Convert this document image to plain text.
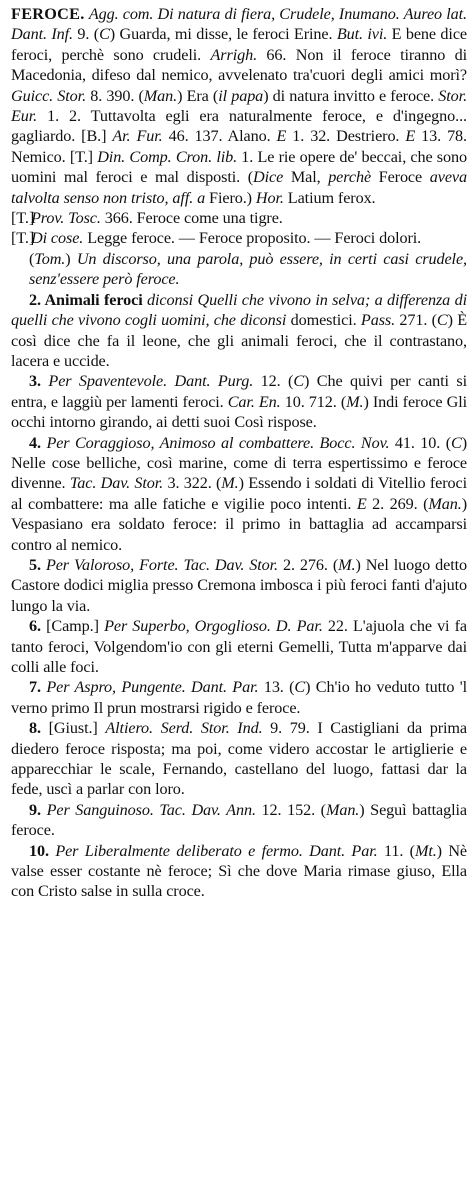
FEROCE. Agg. com. Di natura di fiera, Crudele, Inumano. Aureo lat. Dant. Inf. 9. (C) Guarda, mi disse, le feroci Erine. But. ivi. E bene dice feroci, perchè sono crudeli. Arrigh. 66. Non il feroce tiranno di Macedonia, difeso dal nemico, avvelenato tra'cuori degli amici morì? Guicc. Stor. 8. 390. (Man.) Era (il papa) di natura invitto e feroce. Stor. Eur. 1. 2. Tuttavolta egli era naturalmente feroce, e d'ingegno... gagliardo. [B.] Ar. Fur. 46. 137. Alano. E 1. 32. Destriero. E 13. 78. Nemico. [T.] Din. Comp. Cron. lib. 1. Le rie opere de' beccai, che sono uomini mal feroci e mal disposti. (Dice Mal, perchè Feroce aveva talvolta senso non tristo, aff. a Fiero.) Hor. Latium ferox.

[T.]Prov. Tosc. 366. Feroce come una tigre.

[T.]Di cose. Legge feroce. — Feroce proposito. — Feroci dolori.

(Tom.) Un discorso, una parola, può essere, in certi casi crudele, senz'essere però feroce.

2. Animali feroci diconsi Quelli che vivono in selva; a differenza di quelli che vivono cogli uomini, che diconsi domestici. Pass. 271. (C) È così dice che fa il leone, che gli animali feroci, che il contrastano, lacera e uccide.

3. Per Spaventevole. Dant. Purg. 12. (C) Che quivi per canti si entra, e laggiù per lamenti feroci. Car. En. 10. 712. (M.) Indi feroce Gli occhi intorno girando, ai detti suoi Così rispose.

4. Per Coraggioso, Animoso al combattere. Bocc. Nov. 41. 10. (C) Nelle cose belliche, così marine, come di terra espertissimo e feroce divenne. Tac. Dav. Stor. 3. 322. (M.) Essendo i soldati di Vitellio feroci al combattere: ma alle fatiche e vigilie poco intenti. E 2. 269. (Man.) Vespasiano era soldato feroce: il primo in battaglia ad accamparsi contro al nemico.

5. Per Valoroso, Forte. Tac. Dav. Stor. 2. 276. (M.) Nel luogo detto Castore dodici miglia presso Cremona imbosca i più feroci fanti d'ajuto lungo la via.

6. [Camp.] Per Superbo, Orgoglioso. D. Par. 22. L'ajuola che vi fa tanto feroci, Volgendom'io con gli eterni Gemelli, Tutta m'apparve dai colli alle foci.

7. Per Aspro, Pungente. Dant. Par. 13. (C) Ch'io ho veduto tutto 'l verno primo Il prun mostrarsi rigido e feroce.

8. [Giust.] Altiero. Serd. Stor. Ind. 9. 79. I Castigliani da prima diedero feroce risposta; ma poi, come videro accostar le artiglierie e apparecchiar le scale, Fernando, castellano del luogo, fattasi dar la fede, uscì a parlar con loro.

9. Per Sanguinoso. Tac. Dav. Ann. 12. 152. (Man.) Seguì battaglia feroce.

10. Per Liberalmente deliberato e fermo. Dant. Par. 11. (Mt.) Nè valse esser costante nè feroce; Sì che dove Maria rimase giuso, Ella con Cristo salse in sulla croce.
